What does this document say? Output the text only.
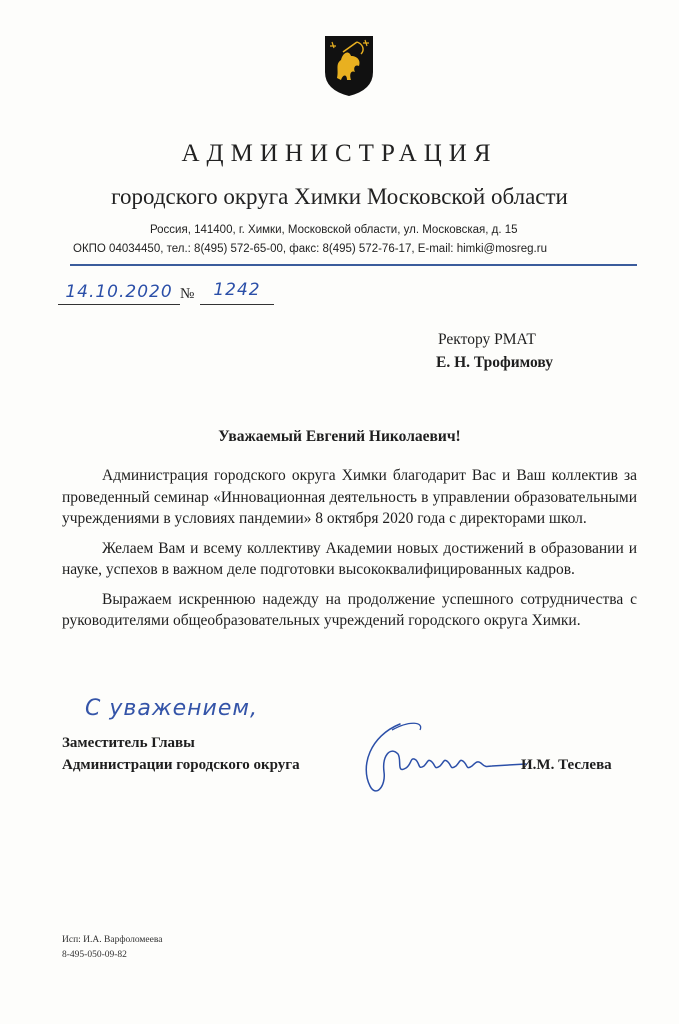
АДМИНИСТРАЦИЯ
городского округа Химки Московской области
Россия, 141400, г. Химки, Московской области, ул. Московская, д. 15
ОКПО 04034450, тел.: 8(495) 572-65-00, факс: 8(495) 572-76-17, E-mail: himki@mosreg.ru
14.10.2020 №	1242
Ректору РМАТ
Е. Н. Трофимову
Уважаемый Евгений Николаевич!

Администрация городского округа Химки благодарит Вас и Ваш коллектив за проведенный семинар «Инновационная деятельность в управлении образовательными учреждениями в условиях пандемии» 8 октября 2020 года с директорами школ.

Желаем Вам и всему коллективу Академии новых достижений в образовании и науке, успехов в важном деле подготовки высококвалифицированных кадров.

Выражаем искреннюю надежду на продолжение успешного сотрудничества с руководителями общеобразовательных учреждений городского округа Химки.

С уважением,
Заместитель Главы
Администрации городского округа	И.М. Теслева
Исп: И.А. Варфоломеева
8-495-050-09-82
